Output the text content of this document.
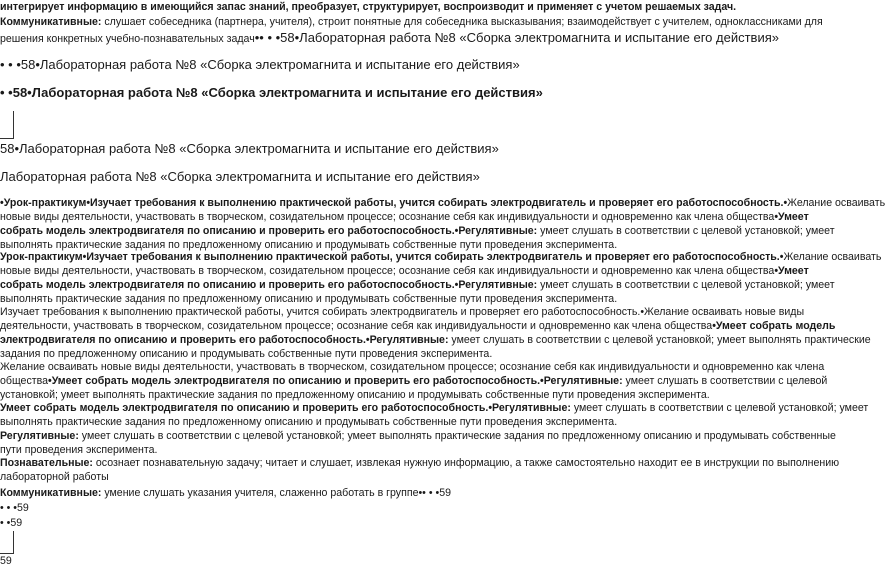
интегрирует информацию в имеющийся запас знаний, преобразует, структурирует, воспроизводит и применяет с учетом решаемых задач.
Коммуникативные: слушает собеседника (партнера, учителя), строит понятные для собеседника высказывания; взаимодействует с учителем, одноклассниками для
решения конкретных учебно-познавательных задач•• • •58•Лабораторная работа №8 «Сборка электромагнита и испытание его действия»
• • •58•Лабораторная работа №8 «Сборка электромагнита и испытание его действия»
• •58•Лабораторная работа №8 «Сборка электромагнита и испытание его действия»
58•Лабораторная работа №8 «Сборка электромагнита и испытание его действия»
Лабораторная работа №8 «Сборка электромагнита и испытание его действия»
•Урок-практикум•Изучает требования к выполнению практической работы, учится собирать электродвигатель и проверяет его работоспособность.•Желание осваивать
новые виды деятельности, участвовать в творческом, созидательном процессе; осознание себя как индивидуальности и одновременно как члена общества•Умеет
собрать модель электродвигателя по описанию и проверить его работоспособность.•Регулятивные: умеет слушать в соответствии с целевой установкой; умеет
выполнять практические задания по предложенному описанию и продумывать собственные пути проведения эксперимента.
Урок-практикум•Изучает требования к выполнению практической работы, учится собирать электродвигатель и проверяет его работоспособность.•Желание осваивать
новые виды деятельности, участвовать в творческом, созидательном процессе; осознание себя как индивидуальности и одновременно как члена общества•Умеет
собрать модель электродвигателя по описанию и проверить его работоспособность.•Регулятивные: умеет слушать в соответствии с целевой установкой; умеет
выполнять практические задания по предложенному описанию и продумывать собственные пути проведения эксперимента.
Изучает требования к выполнению практической работы, учится собирать электродвигатель и проверяет его работоспособность.•Желание осваивать новые виды
деятельности, участвовать в творческом, созидательном процессе; осознание себя как индивидуальности и одновременно как члена общества•Умеет собрать модель
электродвигателя по описанию и проверить его работоспособность.•Регулятивные: умеет слушать в соответствии с целевой установкой; умеет выполнять практические
задания по предложенному описанию и продумывать собственные пути проведения эксперимента.
Желание осваивать новые виды деятельности, участвовать в творческом, созидательном процессе; осознание себя как индивидуальности и одновременно как члена
общества•Умеет собрать модель электродвигателя по описанию и проверить его работоспособность.•Регулятивные: умеет слушать в соответствии с целевой
установкой; умеет выполнять практические задания по предложенному описанию и продумывать собственные пути проведения эксперимента.
Умеет собрать модель электродвигателя по описанию и проверить его работоспособность.•Регулятивные: умеет слушать в соответствии с целевой установкой; умеет
выполнять практические задания по предложенному описанию и продумывать собственные пути проведения эксперимента.
Регулятивные: умеет слушать в соответствии с целевой установкой; умеет выполнять практические задания по предложенному описанию и продумывать собственные
пути проведения эксперимента.
Познавательные: осознает познавательную задачу; читает и слушает, извлекая нужную информацию, а также самостоятельно находит ее в инструкции по выполнению
лабораторной работы
Коммуникативные: умение слушать указания учителя, слаженно работать в группе•• • •59
• • •59
• •59
59
